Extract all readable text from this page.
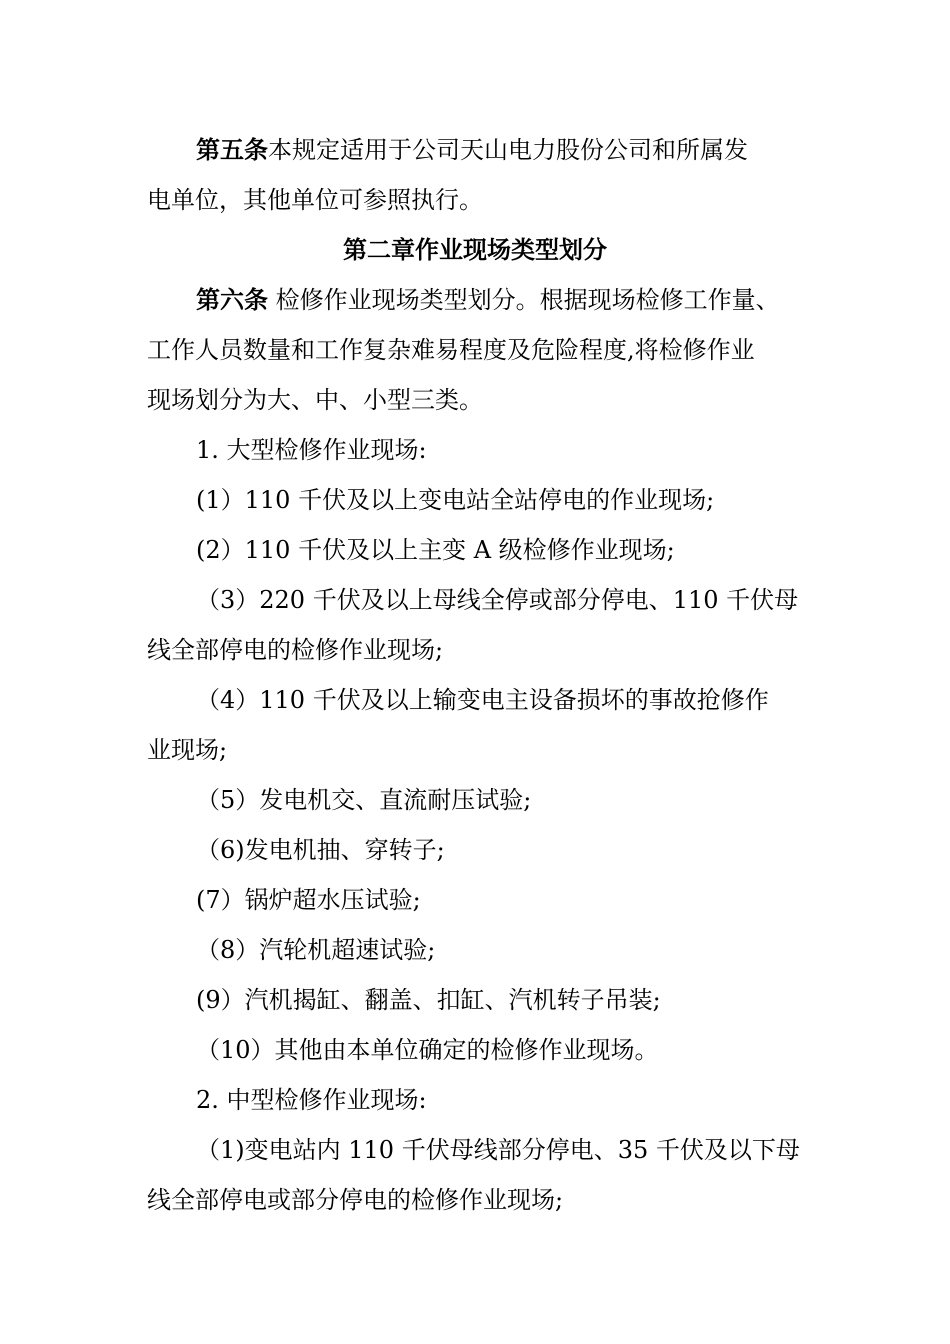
第五条本规定适用于公司天山电力股份公司和所属发
电单位，其他单位可参照执行。
第二章作业现场类型划分
第六条 检修作业现场类型划分。根据现场检修工作量、
工作人员数量和工作复杂难易程度及危险程度,将检修作业
现场划分为大、中、小型三类。
1. 大型检修作业现场:
(1）110 千伏及以上变电站全站停电的作业现场;
(2）110 千伏及以上主变 A 级检修作业现场;
（3）220 千伏及以上母线全停或部分停电、110 千伏母
线全部停电的检修作业现场;
（4）110 千伏及以上输变电主设备损坏的事故抢修作
业现场;
（5）发电机交、直流耐压试验;
（6)发电机抽、穿转子;
(7）锅炉超水压试验;
（8）汽轮机超速试验;
(9）汽机揭缸、翻盖、扣缸、汽机转子吊装;
（10）其他由本单位确定的检修作业现场。
2. 中型检修作业现场:
（1)变电站内 110 千伏母线部分停电、35 千伏及以下母
线全部停电或部分停电的检修作业现场;
